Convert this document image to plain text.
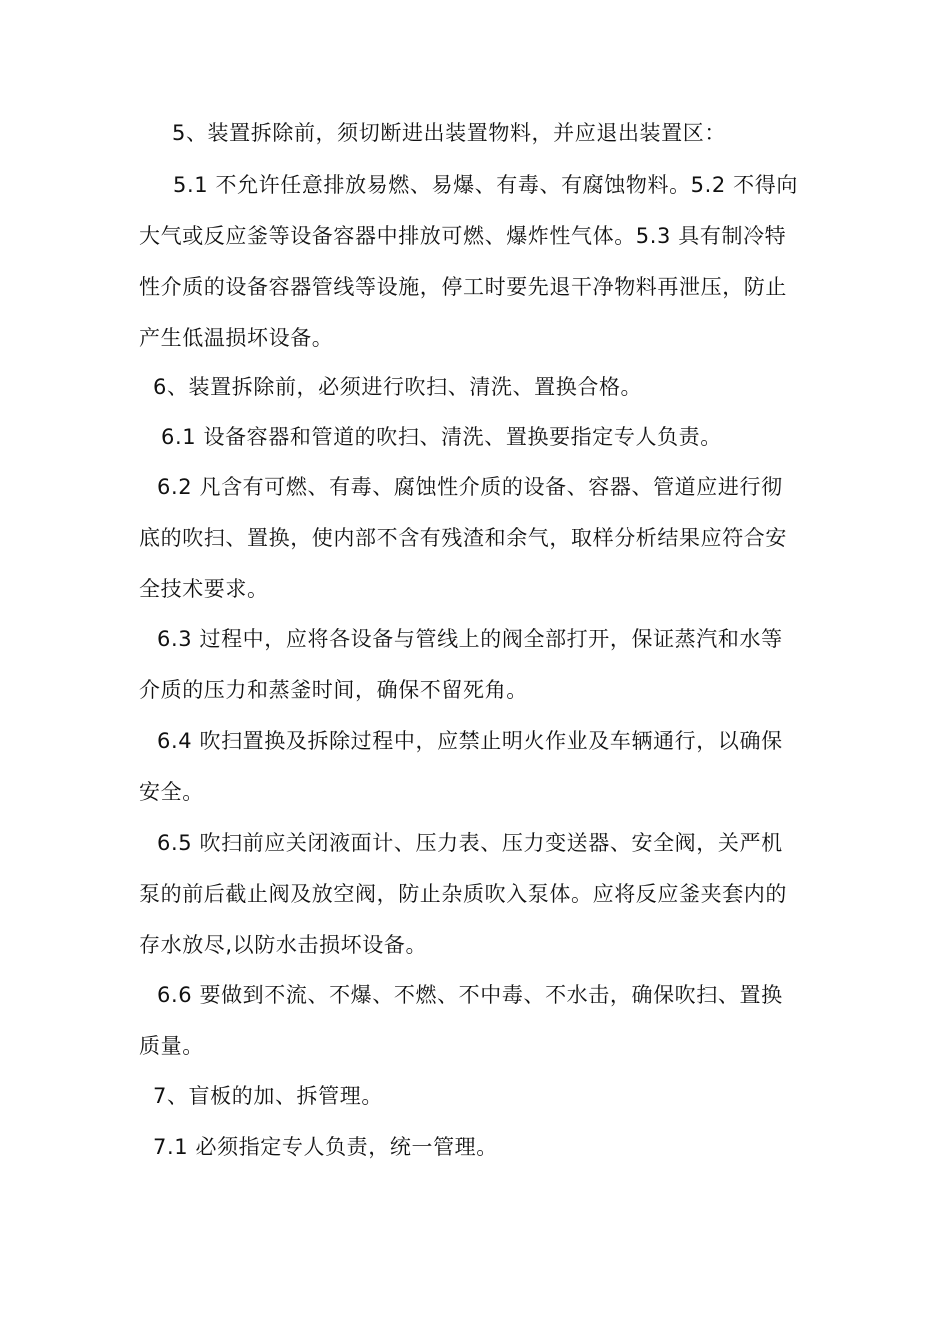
5、装置拆除前，须切断进出装置物料，并应退出装置区：
5.1 不允许任意排放易燃、易爆、有毒、有腐蚀物料。5.2 不得向
大气或反应釜等设备容器中排放可燃、爆炸性气体。5.3 具有制冷特
性介质的设备容器管线等设施，停工时要先退干净物料再泄压，防止
产生低温损坏设备。
6、装置拆除前，必须进行吹扫、清洗、置换合格。
6.1 设备容器和管道的吹扫、清洗、置换要指定专人负责。
6.2 凡含有可燃、有毒、腐蚀性介质的设备、容器、管道应进行彻
底的吹扫、置换，使内部不含有残渣和余气，取样分析结果应符合安
全技术要求。
6.3 过程中，应将各设备与管线上的阀全部打开，保证蒸汽和水等
介质的压力和蒸釜时间，确保不留死角。
6.4 吹扫置换及拆除过程中，应禁止明火作业及车辆通行，以确保
安全。
6.5 吹扫前应关闭液面计、压力表、压力变送器、安全阀，关严机
泵的前后截止阀及放空阀，防止杂质吹入泵体。应将反应釜夹套内的
存水放尽,以防水击损坏设备。
6.6 要做到不流、不爆、不燃、不中毒、不水击，确保吹扫、置换
质量。
7、盲板的加、拆管理。
7.1 必须指定专人负责，统一管理。
